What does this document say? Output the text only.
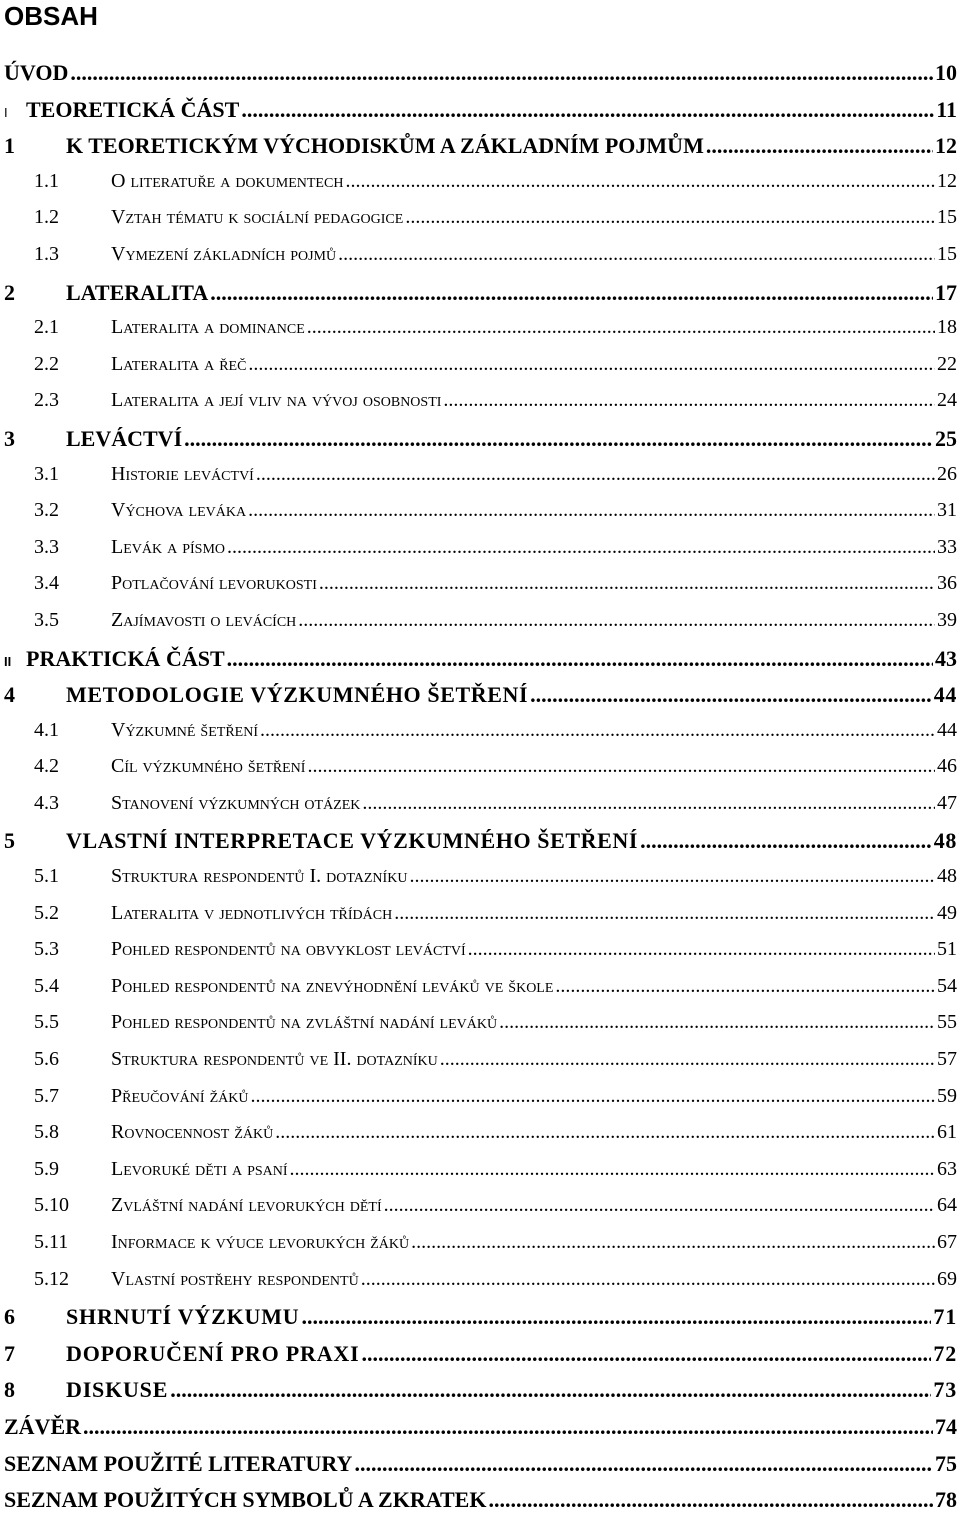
OBSAH
ÚVOD .....	10
I TEORETICKÁ ČÁST .....	11
1	K TEORETICKÝM VÝCHODISKŮM A ZÁKLADNÍM POJMŮM .....	12
1.1	O literatuře a dokumentech .....	12
1.2	Vztah tématu k sociální pedagogice .....	15
1.3	Vymezení základních pojmů .....	15
2	LATERALITA .....	17
2.1	Lateralita a dominance .....	18
2.2	Lateralita a řeč .....	22
2.3	Lateralita a její vliv na vývoj osobnosti .....	24
3	LEVÁCTVÍ .....	25
3.1	Historie leváctví .....	26
3.2	Výchova leváka .....	31
3.3	Levák a písmo .....	33
3.4	Potlačování levorukosti .....	36
3.5	Zajímavosti o levácích .....	39
II PRAKTICKÁ ČÁST .....	43
4	METODOLOGIE VÝZKUMNÉHO ŠETŘENÍ .....	44
4.1	Výzkumné šetření .....	44
4.2	Cíl výzkumného šetření .....	46
4.3	Stanovení výzkumných otázek .....	47
5	VLASTNÍ INTERPRETACE VÝZKUMNÉHO ŠETŘENÍ .....	48
5.1	Struktura respondentů I. dotazníku .....	48
5.2	Lateralita v jednotlivých třídách .....	49
5.3	Pohled respondentů na obvyklost leváctví .....	51
5.4	Pohled respondentů na znevýhodnění leváků ve škole .....	54
5.5	Pohled respondentů na zvláštní nadání leváků .....	55
5.6	Struktura respondentů ve II. dotazníku .....	57
5.7	Přeučování žáků .....	59
5.8	Rovnocennost žáků .....	61
5.9	Levoruké děti a psaní .....	63
5.10	Zvláštní nadání levorukých dětí .....	64
5.11	Informace k výuce levorukých žáků .....	67
5.12	Vlastní postřehy respondentů .....	69
6	SHRNUTÍ VÝZKUMU .....	71
7	DOPORUČENÍ PRO PRAXI .....	72
8	DISKUSE .....	73
ZÁVĚR .....	74
SEZNAM POUŽITÉ LITERATURY .....	75
SEZNAM POUŽITÝCH SYMBOLŮ A ZKRATEK .....	78
